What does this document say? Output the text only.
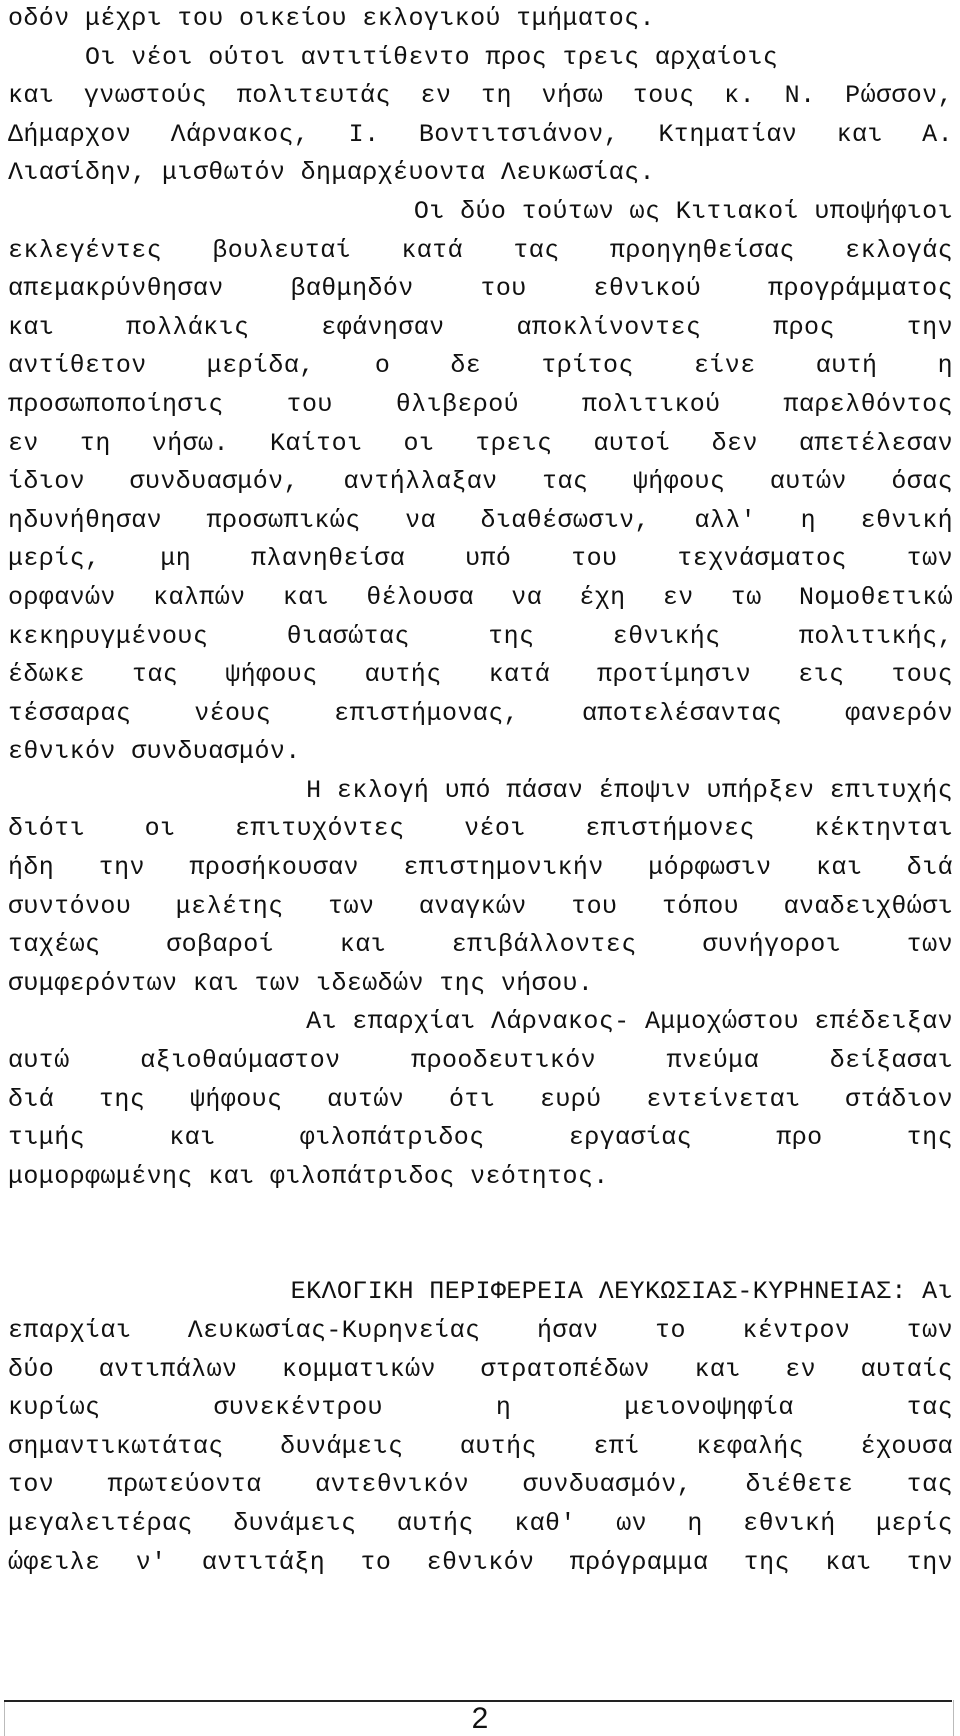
οδόν μέχρι του οικείου εκλογικού τμήματος.
Οι νέοι ούτοι αντιτίθεντο προς τρεις αρχαίοις
και γνωστούς πολιτευτάς εν τη νήσω τους κ. Ν. Ρώσσον,
Δήμαρχον Λάρνακος, Ι. Βοντιτσιάνον, Κτηματίαν και Α.
Λιασίδην, μισθωτόν δημαρχέυοντα Λευκωσίας.
Οι δύο τούτων ως Κιτιακοί υποψήφιοι
εκλεγέντες βουλευταί κατά τας προηγηθείσας εκλογάς
απεμακρύνθησαν βαθμηδόν του εθνικού προγράμματος
και πολλάκις εφάνησαν αποκλίνοντες προς την
αντίθετον μερίδα, ο δε τρίτος είνε αυτή η
προσωποποίησις του θλιβερού πολιτικού παρελθόντος
εν τη νήσω. Καίτοι οι τρεις αυτοί δεν απετέλεσαν
ίδιον συνδυασμόν, αντήλλαξαν τας ψήφους αυτών όσας
ηδυνήθησαν προσωπικώς να διαθέσωσιν, αλλ' η εθνική
μερίς, μη πλανηθείσα υπό του τεχνάσματος των
ορφανών καλπών και θέλουσα να έχη εν τω Νομοθετικώ
κεκηρυγμένους θιασώτας της εθνικής πολιτικής,
έδωκε τας ψήφους αυτής κατά προτίμησιν εις τους
τέσσαρας νέους επιστήμονας, αποτελέσαντας φανερόν
εθνικόν συνδυασμόν.
Η εκλογή υπό πάσαν έποψιν υπήρξεν επιτυχής
διότι οι επιτυχόντες νέοι επιστήμονες κέκτηνται
ήδη την προσήκουσαν επιστημονικήν μόρφωσιν και διά
συντόνου μελέτης των αναγκών του τόπου αναδειχθώσι
ταχέως σοβαροί και επιβάλλοντες συνήγοροι των
συμφερόντων και των ιδεωδών της νήσου.
Αι επαρχίαι Λάρνακος- Αμμοχώστου επέδειξαν
αυτώ αξιοθαύμαστον προοδευτικόν πνεύμα δείξασαι
διά της ψήφους αυτών ότι ευρύ εντείνεται στάδιον
τιμής και φιλοπάτριδος εργασίας προ της
μομορφωμένης και φιλοπάτριδος νεότητος.
ΕΚΛΟΓΙΚΗ ΠΕΡΙΦΕΡΕΙΑ ΛΕΥΚΩΣΙΑΣ-ΚΥΡΗΝΕΙΑΣ: Αι
επαρχίαι Λευκωσίας-Κυρηνείας ήσαν το κέντρον των
δύο αντιπάλων κομματικών στρατοπέδων και εν αυταίς
κυρίως συνεκέντρου η μειονοψηφία τας
σημαντικωτάτας δυνάμεις αυτής επί κεφαλής έχουσα
τον πρωτεύοντα αντεθνικόν συνδυασμόν, διέθετε τας
μεγαλειτέρας δυνάμεις αυτής καθ' ων η εθνική μερίς
ώφειλε ν' αντιτάξη το εθνικόν πρόγραμμα της και την
2
